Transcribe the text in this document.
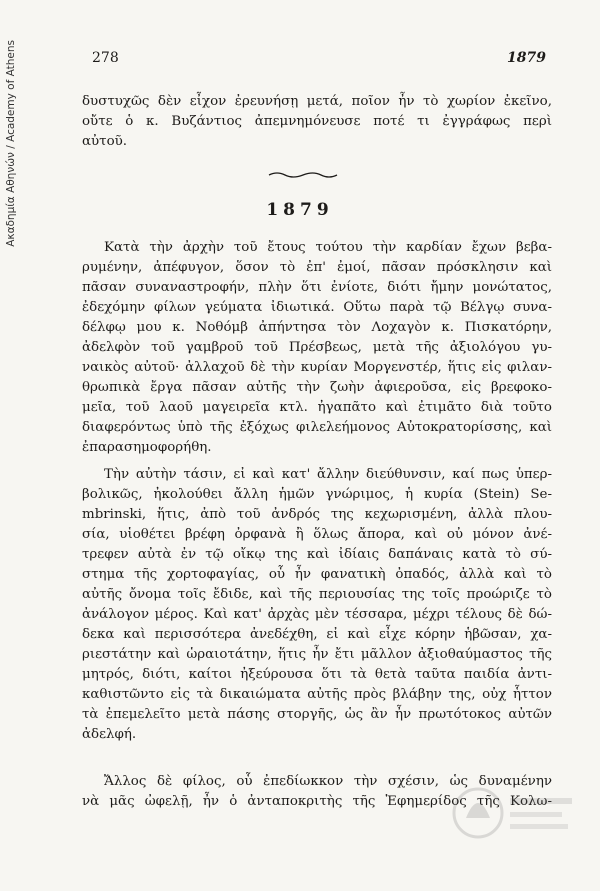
Ακαδημία Αθηνών / Academy of Athens	278	1879
δυστυχῶς δὲν εἶχον ἐρευνήσῃ μετά, ποῖον ἦν τὸ χωρίον ἐκεῖνο,
οὔτε ὁ κ. Βυζάντιος ἀπεμνημόνευσε ποτέ τι ἐγγράφως περὶ
αὐτοῦ.
1879
Κατὰ τὴν ἀρχὴν τοῦ ἔτους τούτου τὴν καρδίαν ἔχων βεβα-
ρυμένην, ἀπέφυγον, ὅσον τὸ ἐπ' ἐμοί, πᾶσαν πρόσκλησιν καὶ
πᾶσαν συναναστροφήν, πλὴν ὅτι ἐνίοτε, διότι ἤμην μονώτατος,
ἐδεχόμην φίλων γεύματα ἰδιωτικά. Οὕτω παρὰ τῷ Βέλγῳ συνα-
δέλφῳ μου κ. Νοθόμβ ἀπήντησα τὸν Λοχαγὸν κ. Πισκατόρην,
ἀδελφὸν τοῦ γαμβροῦ τοῦ Πρέσβεως, μετὰ τῆς ἀξιολόγου γυ-
ναικὸς αὐτοῦ· ἀλλαχοῦ δὲ τὴν κυρίαν Μοργενστέρ, ἥτις εἰς φιλαν-
θρωπικὰ ἔργα πᾶσαν αὐτῆς τὴν ζωὴν ἀφιεροῦσα, εἰς βρεφοκο-
μεῖα, τοῦ λαοῦ μαγειρεῖα κτλ. ἠγαπᾶτο καὶ ἐτιμᾶτο διὰ τοῦτο
διαφερόντως ὑπὸ τῆς ἐξόχως φιλελεήμονος Αὐτοκρατορίσσης, καὶ
ἐπαρασημοφορήθη.
Τὴν αὐτὴν τάσιν, εἰ καὶ κατ' ἄλλην διεύθυνσιν, καί πως ὑπερ-
βολικῶς, ἠκολούθει ἄλλη ἡμῶν γνώριμος, ἡ κυρία (Stein) Se-
mbrinski, ἥτις, ἀπὸ τοῦ ἀνδρός της κεχωρισμένη, ἀλλὰ πλου-
σία, υἱοθέτει βρέφη ὀρφανὰ ἢ ὅλως ἄπορα, καὶ οὐ μόνον ἀνέ-
τρεφεν αὐτὰ ἐν τῷ οἴκῳ της καὶ ἰδίαις δαπάναις κατὰ τὸ σύ-
στημα τῆς χορτοφαγίας, οὗ ἦν φανατικὴ ὀπαδός, ἀλλὰ καὶ τὸ
αὐτῆς ὄνομα τοῖς ἔδιδε, καὶ τῆς περιουσίας της τοῖς προώριζε τὸ
ἀνάλογον μέρος. Καὶ κατ' ἀρχὰς μὲν τέσσαρα, μέχρι τέλους δὲ δώ-
δεκα καὶ περισσότερα ἀνεδέχθη, εἰ καὶ εἶχε κόρην ἡβῶσαν, χα-
ριεστάτην καὶ ὡραιοτάτην, ἥτις ἦν ἔτι μᾶλλον ἀξιοθαύμαστος τῆς
μητρός, διότι, καίτοι ἠξεύρουσα ὅτι τὰ θετὰ ταῦτα παιδία ἀντι-
καθιστῶντο εἰς τὰ δικαιώματα αὐτῆς πρὸς βλάβην της, οὐχ ἧττον
τὰ ἐπεμελεῖτο μετὰ πάσης στοργῆς, ὡς ἂν ἦν πρωτότοκος αὐτῶν
ἀδελφή.
Ἄλλος δὲ φίλος, οὗ ἐπεδίωκκον τὴν σχέσιν, ὡς δυναμένην
νὰ μᾶς ὠφελῇ, ἦν ὁ ἀνταποκριτὴς τῆς Ἐφημερίδος τῆς Κολω-
